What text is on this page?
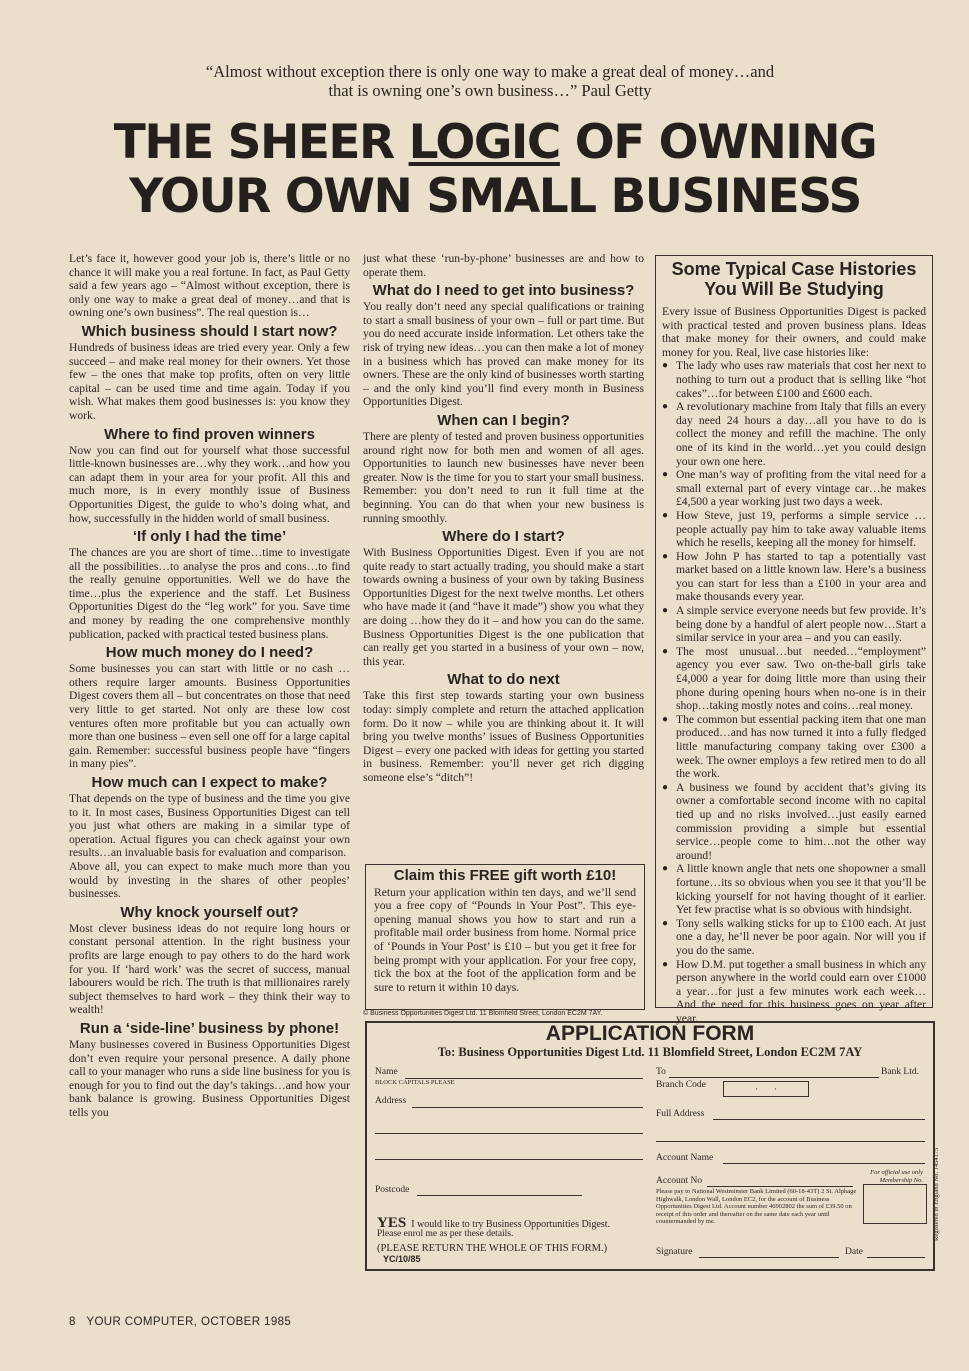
“Almost without exception there is only one way to make a great deal of money…and
that is owning one’s own business…” Paul Getty
THE SHEER LOGIC OF OWNING
YOUR OWN SMALL BUSINESS

Let’s face it, however good your job is, there’s little or no chance it will make you a real fortune. In fact, as Paul Getty said a few years ago – “Almost without exception, there is only one way to make a great deal of money…and that is owning one’s own business”. The real question is…

Which business should I start now?

Hundreds of business ideas are tried every year. Only a few succeed – and make real money for their owners. Yet those few – the ones that make top profits, often on very little capital – can be used time and time again. Today if you wish. What makes them good businesses is: you know they work.

Where to find proven winners

Now you can find out for yourself what those successful little-known businesses are…why they work…and how you can adapt them in your area for your profit. All this and much more, is in every monthly issue of Business Opportunities Digest, the guide to who’s doing what, and how, successfully in the hidden world of small business.

‘If only I had the time’

The chances are you are short of time…time to investigate all the possibilities…to analyse the pros and cons…to find the really genuine opportunities. Well we do have the time…plus the experience and the staff. Let Business Opportunities Digest do the “leg work” for you. Save time and money by reading the one comprehensive monthly publication, packed with practical tested business plans.

How much money do I need?

Some businesses you can start with little or no cash …others require larger amounts. Business Opportunities Digest covers them all – but concentrates on those that need very little to get started. Not only are these low cost ventures often more profitable but you can actually own more than one business – even sell one off for a large capital gain. Remember: successful business people have “fingers in many pies”.

How much can I expect to make?

That depends on the type of business and the time you give to it. In most cases, Business Opportunities Digest can tell you just what others are making in a similar type of operation. Actual figures you can check against your own results…an invaluable basis for evaluation and comparison.

Above all, you can expect to make much more than you would by investing in the shares of other peoples’ businesses.

Why knock yourself out?

Most clever business ideas do not require long hours or constant personal attention. In the right business your profits are large enough to pay others to do the hard work for you. If ‘hard work’ was the secret of success, manual labourers would be rich. The truth is that millionaires rarely subject themselves to hard work – they think their way to wealth!

Run a ‘side-line’ business by phone!

Many businesses covered in Business Opportunities Digest don’t even require your personal presence. A daily phone call to your manager who runs a side line business for you is enough for you to find out the day’s takings…and how your bank balance is growing. Business Opportunities Digest tells you

just what these ‘run-by-phone’ businesses are and how to operate them.

What do I need to get into business?

You really don’t need any special qualifications or training to start a small business of your own – full or part time. But you do need accurate inside information. Let others take the risk of trying new ideas…you can then make a lot of money in a business which has proved can make money for its owners. These are the only kind of businesses worth starting – and the only kind you’ll find every month in Business Opportunities Digest.

When can I begin?

There are plenty of tested and proven business opportunities around right now for both men and women of all ages. Opportunities to launch new businesses have never been greater. Now is the time for you to start your small business. Remember: you don’t need to run it full time at the beginning. You can do that when your new business is running smoothly.

Where do I start?

With Business Opportunities Digest. Even if you are not quite ready to start actually trading, you should make a start towards owning a business of your own by taking Business Opportunities Digest for the next twelve months. Let others who have made it (and “have it made”) show you what they are doing …how they do it – and how you can do the same. Business Opportunities Digest is the one publication that can really get you started in a business of your own – now, this year.

What to do next

Take this first step towards starting your own business today: simply complete and return the attached application form. Do it now – while you are thinking about it. It will bring you twelve months’ issues of Business Opportunities Digest – every one packed with ideas for getting you started in business. Remember: you’ll never get rich digging someone else’s “ditch”!

Claim this FREE gift worth £10!

Return your application within ten days, and we’ll send you a free copy of “Pounds in Your Post”. This eye-opening manual shows you how to start and run a profitable mail order business from home. Normal price of ‘Pounds in Your Post’ is £10 – but you get it free for being prompt with your application. For your free copy, tick the box at the foot of the application form and be sure to return it within 10 days.

© Business Opportunities Digest Ltd. 11 Blomfield Street, London EC2M 7AY.
Some Typical Case Histories You Will Be Studying

Every issue of Business Opportunities Digest is packed with practical tested and proven business plans. Ideas that make money for their owners, and could make money for you. Real, live case histories like:

● The lady who uses raw materials that cost her next to nothing to turn out a product that is selling like “hot cakes”…for between £100 and £600 each.
● A revolutionary machine from Italy that fills an every day need 24 hours a day…all you have to do is collect the money and refill the machine. The only one of its kind in the world…yet you could design your own one here.
● One man’s way of profiting from the vital need for a small external part of every vintage car…he makes £4,500 a year working just two days a week.
● How Steve, just 19, performs a simple service …people actually pay him to take away valuable items which he resells, keeping all the money for himself.
● How John P has started to tap a potentially vast market based on a little known law. Here’s a business you can start for less than a £100 in your area and make thousands every year.
● A simple service everyone needs but few provide. It’s being done by a handful of alert people now…Start a similar service in your area – and you can easily.
● The most unusual…but needed…“employment” agency you ever saw. Two on-the-ball girls take £4,000 a year for doing little more than using their phone during opening hours when no-one is in their shop…taking mostly notes and coins…real money.
● The common but essential packing item that one man produced…and has now turned it into a fully fledged little manufacturing company taking over £300 a week. The owner employs a few retired men to do all the work.
● A business we found by accident that’s giving its owner a comfortable second income with no capital tied up and no risks involved…just easily earned commission providing a simple but essential service…people come to him…not the other way around!
● A little known angle that nets one shopowner a small fortune…its so obvious when you see it that you’ll be kicking yourself for not having thought of it earlier. Yet few practise what is so obvious with hindsight.
● Tony sells walking sticks for up to £100 each. At just one a day, he’ll never be poor again. Nor will you if you do the same.
● How D.M. put together a small business in which any person anywhere in the world could earn over £1000 a year…for just a few minutes work each week…And the need for this business goes on year after year.
APPLICATION FORM
To: Business Opportunities Digest Ltd. 11 Blomfield Street, London EC2M 7AY
Name
BLOCK CAPITALS PLEASE
Address
Postcode
YES I would like to try Business Opportunities Digest.
Please enrol me as per these details.
(PLEASE RETURN THE WHOLE OF THIS FORM.)
YC/10/85
To	Bank Ltd.
Branch Code	·       ·
Full Address
Account Name
Account No
For official use only
Membership No.
Please pay to National Westminster Bank Limited (60-18-43T) 2 St. Alphage Highwalk, London Wall, London EC2, for the account of Business Opportunities Digest Ltd. Account number 46902802 the sum of £39.50 on receipt of this order and thereafter on the same date each year until countermanded by me.	Registered in England No. 1454175
Signature	Date
8   YOUR COMPUTER, OCTOBER 1985
